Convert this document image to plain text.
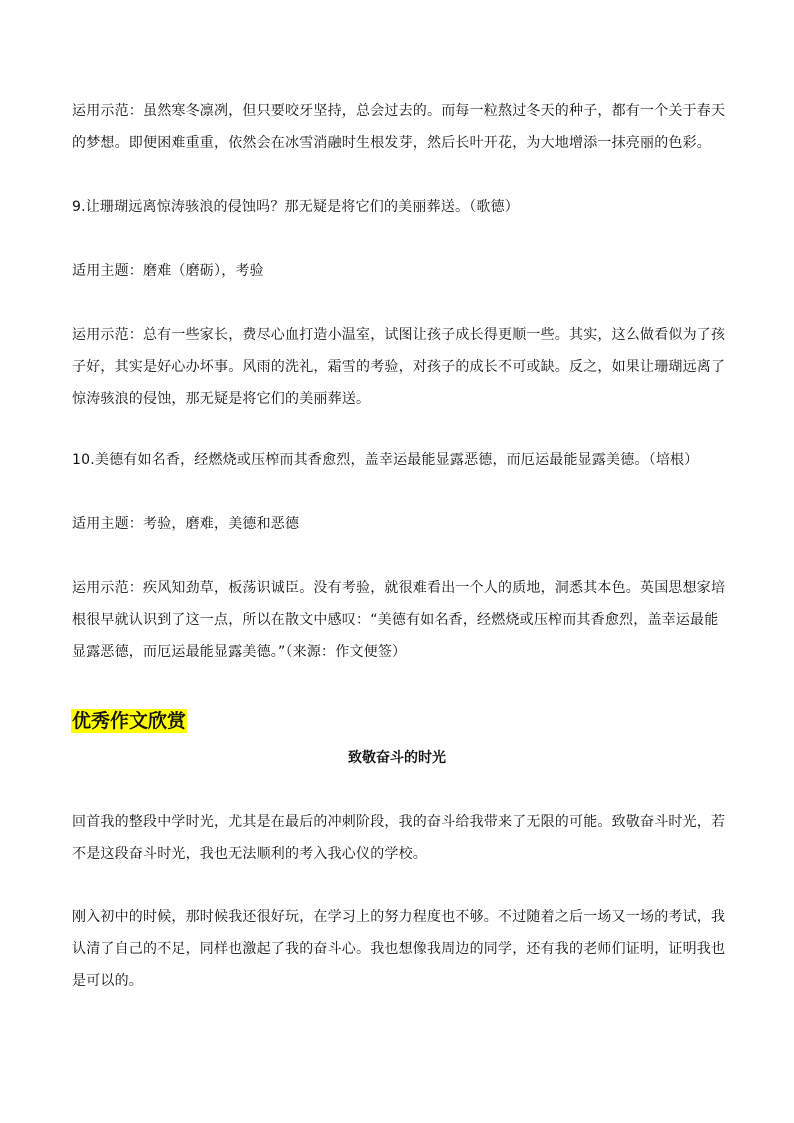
运用示范：虽然寒冬凛冽，但只要咬牙坚持，总会过去的。而每一粒熬过冬天的种子，都有一个关于春天
的梦想。即便困难重重，依然会在冰雪消融时生根发芽，然后长叶开花，为大地增添一抹亮丽的色彩。
9.让珊瑚远离惊涛骇浪的侵蚀吗？那无疑是将它们的美丽葬送。（歌德）
适用主题：磨难（磨砺），考验
运用示范：总有一些家长，费尽心血打造小温室，试图让孩子成长得更顺一些。其实，这么做看似为了孩
子好，其实是好心办坏事。风雨的洗礼，霜雪的考验，对孩子的成长不可或缺。反之，如果让珊瑚远离了
惊涛骇浪的侵蚀，那无疑是将它们的美丽葬送。
10.美德有如名香，经燃烧或压榨而其香愈烈，盖幸运最能显露恶德，而厄运最能显露美德。（培根）
适用主题：考验，磨难，美德和恶德
运用示范：疾风知劲草，板荡识诚臣。没有考验，就很难看出一个人的质地，洞悉其本色。英国思想家培
根很早就认识到了这一点，所以在散文中感叹：“美德有如名香，经燃烧或压榨而其香愈烈，盖幸运最能
显露恶德，而厄运最能显露美德。”（来源：作文便签）
优秀作文欣赏
致敬奋斗的时光
回首我的整段中学时光，尤其是在最后的冲刺阶段，我的奋斗给我带来了无限的可能。致敬奋斗时光，若
不是这段奋斗时光，我也无法顺利的考入我心仪的学校。
刚入初中的时候，那时候我还很好玩，在学习上的努力程度也不够。不过随着之后一场又一场的考试，我
认清了自己的不足，同样也激起了我的奋斗心。我也想像我周边的同学，还有我的老师们证明，证明我也
是可以的。
